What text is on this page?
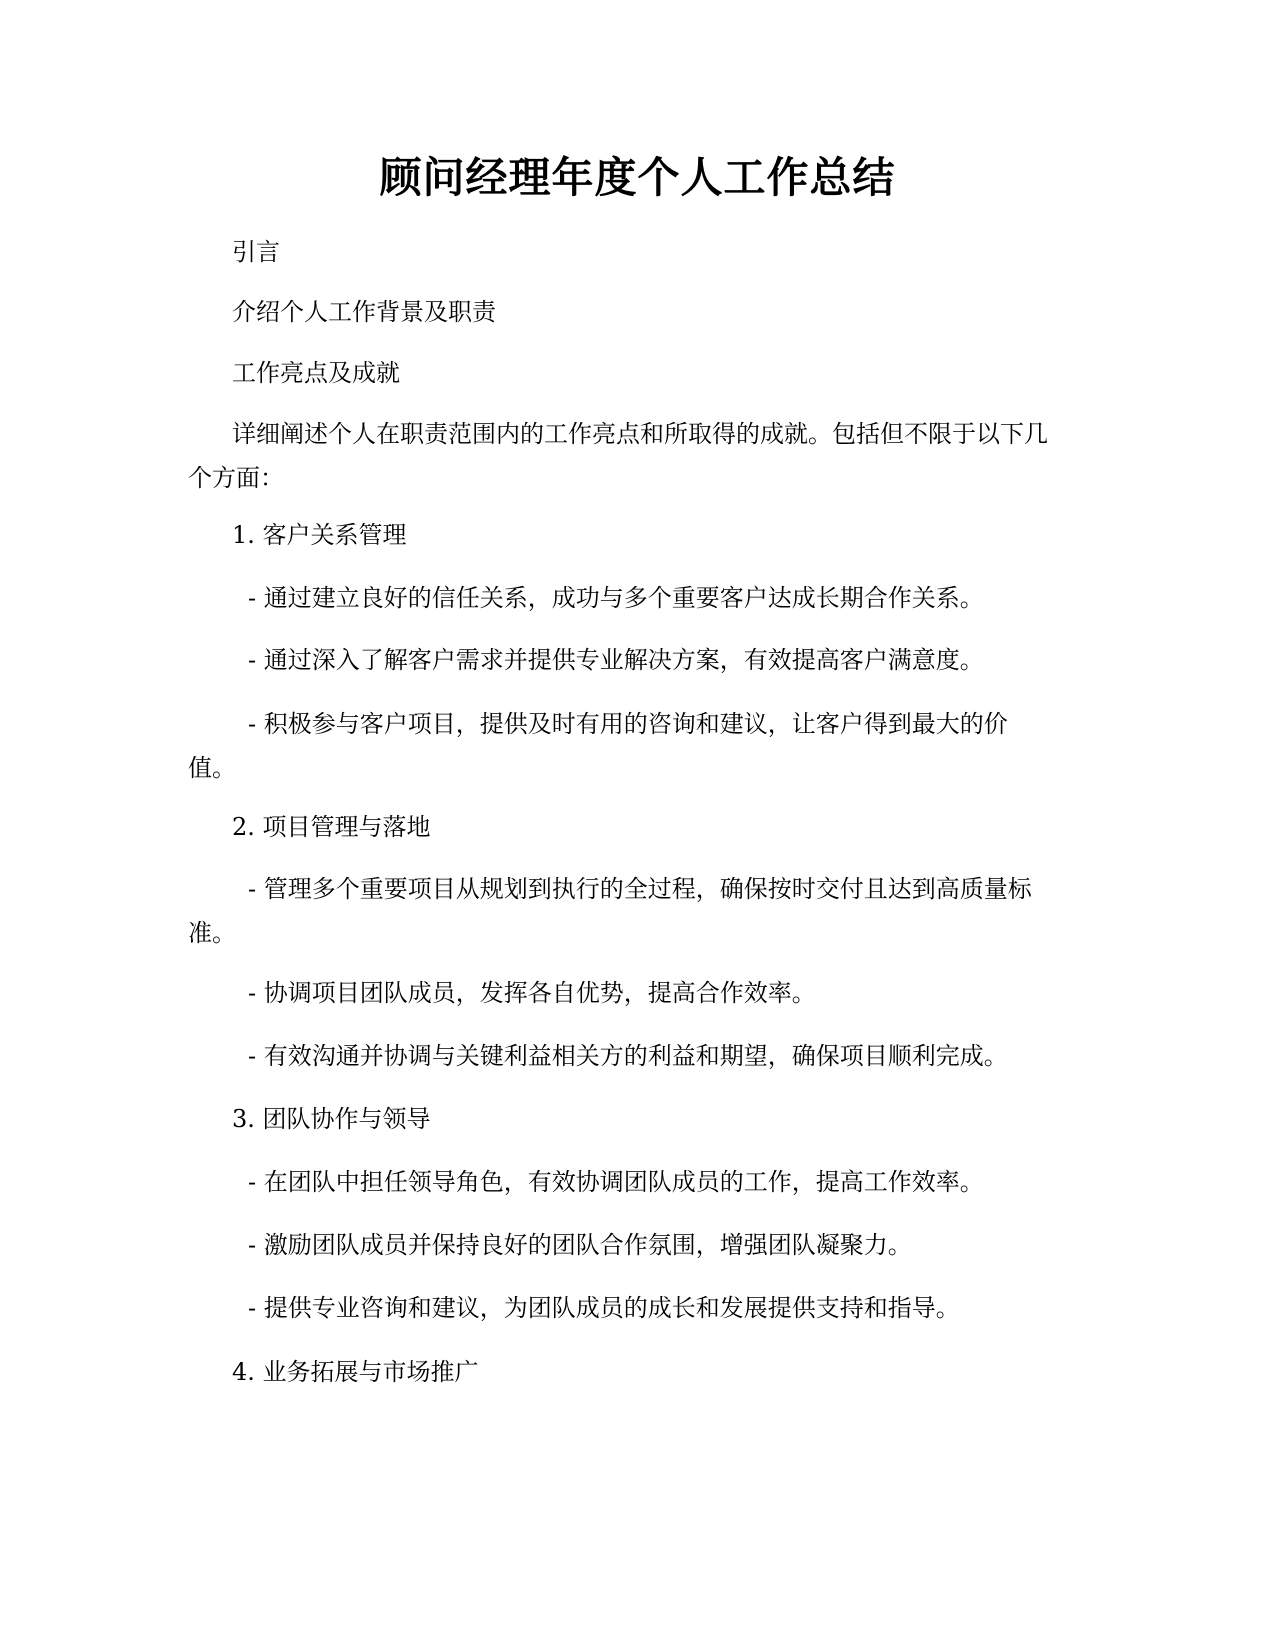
顾问经理年度个人工作总结
引言
介绍个人工作背景及职责
工作亮点及成就
详细阐述个人在职责范围内的工作亮点和所取得的成就。包括但不限于以下几
个方面：
1. 客户关系管理
- 通过建立良好的信任关系，成功与多个重要客户达成长期合作关系。
- 通过深入了解客户需求并提供专业解决方案，有效提高客户满意度。
- 积极参与客户项目，提供及时有用的咨询和建议，让客户得到最大的价
值。
2. 项目管理与落地
- 管理多个重要项目从规划到执行的全过程，确保按时交付且达到高质量标
准。
- 协调项目团队成员，发挥各自优势，提高合作效率。
- 有效沟通并协调与关键利益相关方的利益和期望，确保项目顺利完成。
3. 团队协作与领导
- 在团队中担任领导角色，有效协调团队成员的工作，提高工作效率。
- 激励团队成员并保持良好的团队合作氛围，增强团队凝聚力。
- 提供专业咨询和建议，为团队成员的成长和发展提供支持和指导。
4. 业务拓展与市场推广
